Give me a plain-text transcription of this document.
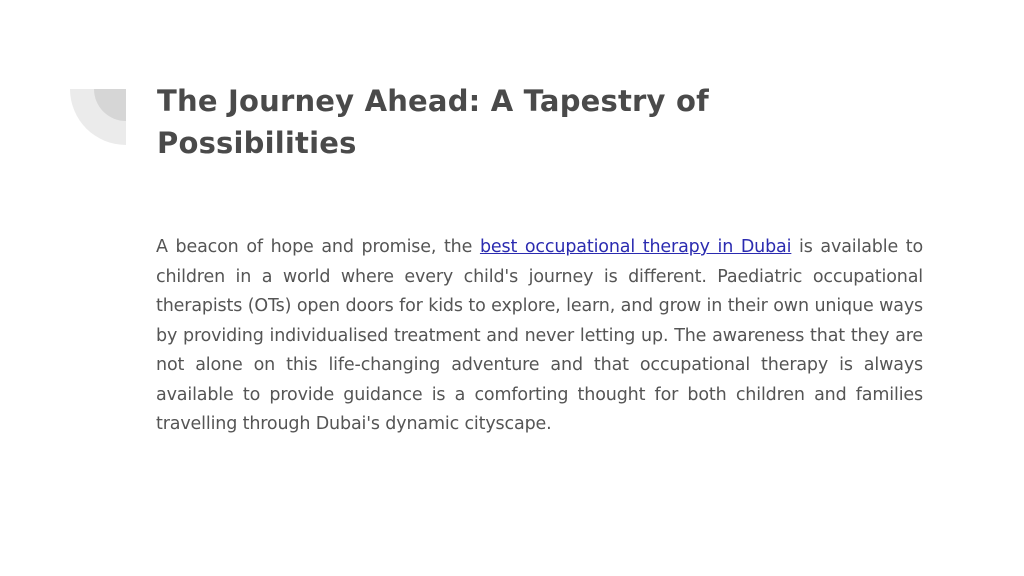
The Journey Ahead: A Tapestry of Possibilities

A beacon of hope and promise, the best occupational therapy in Dubai is available to children in a world where every child's journey is different. Paediatric occupational therapists (OTs) open doors for kids to explore, learn, and grow in their own unique ways by providing individualised treatment and never letting up. The awareness that they are not alone on this life-changing adventure and that occupational therapy is always available to provide guidance is a comforting thought for both children and families travelling through Dubai's dynamic cityscape.
